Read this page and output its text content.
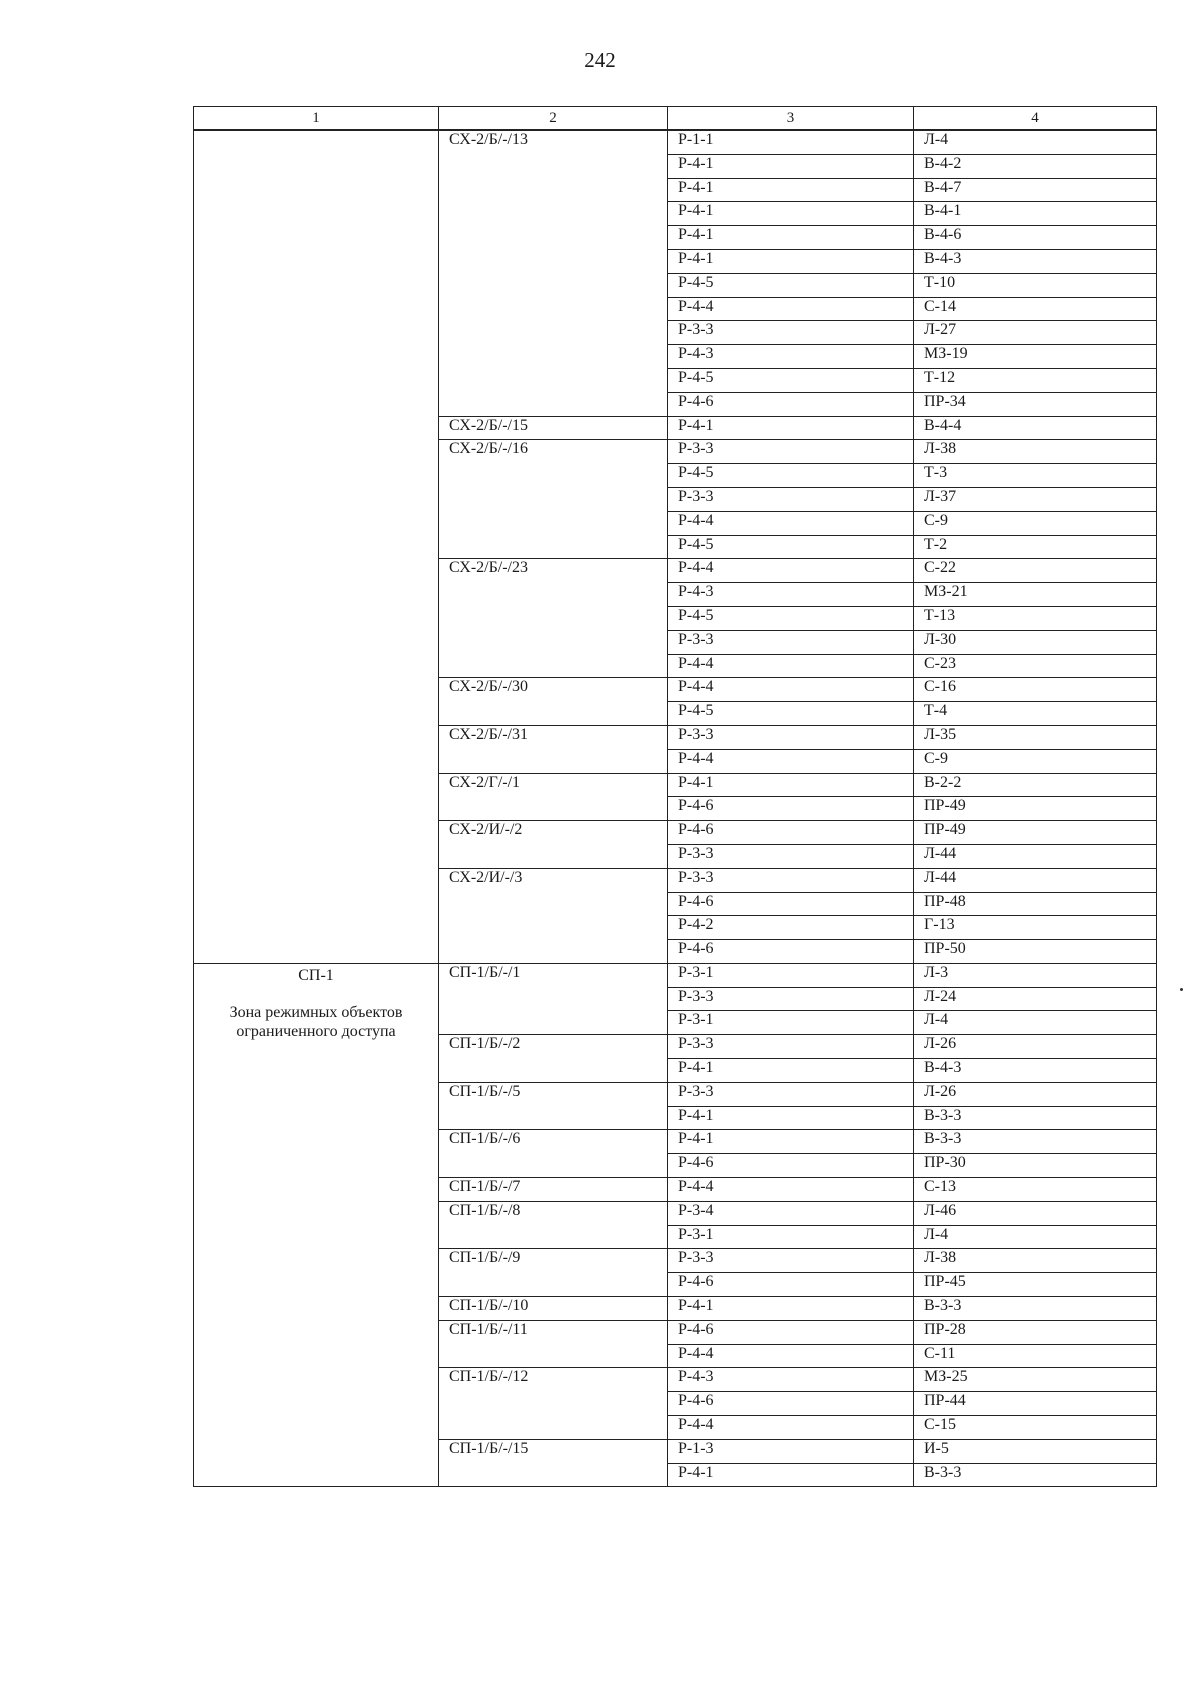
242
1	2	3	4

	СХ-2/Б/-/13	Р-1-1	Л-4
		Р-4-1	В-4-2
		Р-4-1	В-4-7
		Р-4-1	В-4-1
		Р-4-1	В-4-6
		Р-4-1	В-4-3
		Р-4-5	Т-10
		Р-4-4	С-14
		Р-3-3	Л-27
		Р-4-3	МЗ-19
		Р-4-5	Т-12
		Р-4-6	ПР-34
	СХ-2/Б/-/15	Р-4-1	В-4-4
	СХ-2/Б/-/16	Р-3-3	Л-38
		Р-4-5	Т-3
		Р-3-3	Л-37
		Р-4-4	С-9
		Р-4-5	Т-2
	СХ-2/Б/-/23	Р-4-4	С-22
		Р-4-3	МЗ-21
		Р-4-5	Т-13
		Р-3-3	Л-30
		Р-4-4	С-23
	СХ-2/Б/-/30	Р-4-4	С-16
		Р-4-5	Т-4
	СХ-2/Б/-/31	Р-3-3	Л-35
		Р-4-4	С-9
	СХ-2/Г/-/1	Р-4-1	В-2-2
		Р-4-6	ПР-49
	СХ-2/И/-/2	Р-4-6	ПР-49
		Р-3-3	Л-44
	СХ-2/И/-/3	Р-3-3	Л-44
		Р-4-6	ПР-48
		Р-4-2	Г-13
		Р-4-6	ПР-50

СП-1
Зона режимных объектов ограниченного доступа	СП-1/Б/-/1	Р-3-1	Л-3
		Р-3-3	Л-24
		Р-3-1	Л-4
	СП-1/Б/-/2	Р-3-3	Л-26
		Р-4-1	В-4-3
	СП-1/Б/-/5	Р-3-3	Л-26
		Р-4-1	В-3-3
	СП-1/Б/-/6	Р-4-1	В-3-3
		Р-4-6	ПР-30
	СП-1/Б/-/7	Р-4-4	С-13
	СП-1/Б/-/8	Р-3-4	Л-46
		Р-3-1	Л-4
	СП-1/Б/-/9	Р-3-3	Л-38
		Р-4-6	ПР-45
	СП-1/Б/-/10	Р-4-1	В-3-3
	СП-1/Б/-/11	Р-4-6	ПР-28
		Р-4-4	С-11
	СП-1/Б/-/12	Р-4-3	МЗ-25
		Р-4-6	ПР-44
		Р-4-4	С-15
	СП-1/Б/-/15	Р-1-3	И-5
		Р-4-1	В-3-3
